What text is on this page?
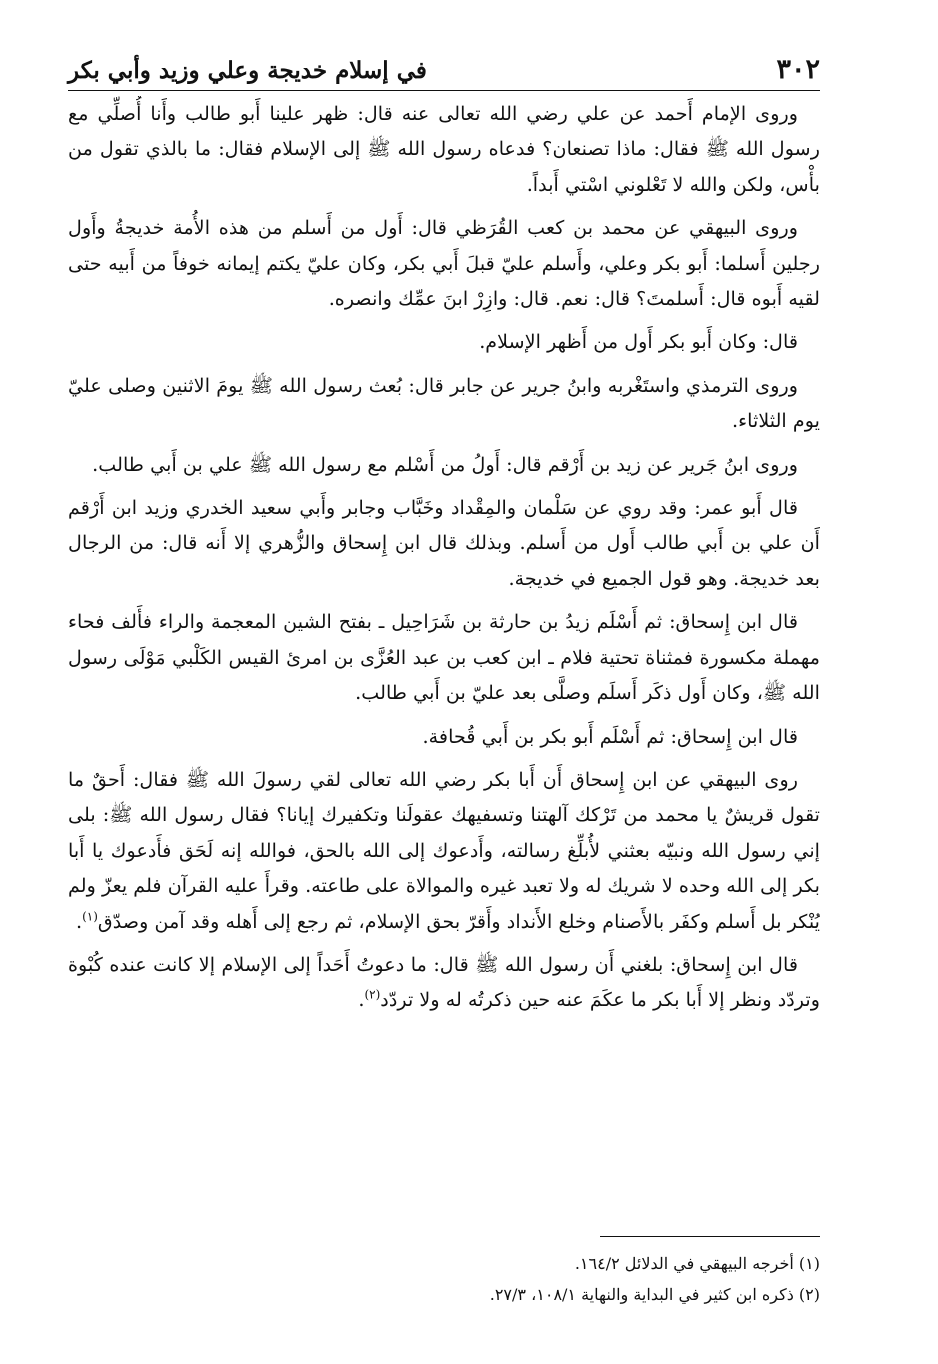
٣٠٢
في إسلام خديجة وعلي وزيد وأبي بكر

وروى الإمام أَحمد عن علي رضي الله تعالى عنه قال: ظهر علينا أَبو طالب وأَنا أُصلِّي مع رسول الله ﷺ فقال: ماذا تصنعان؟ فدعاه رسول الله ﷺ إلى الإسلام فقال: ما بالذي تقول من بأْس، ولكن والله لا تَعْلوني اسْتي أَبداً.

وروى البيهقي عن محمد بن كعب القُرَظي قال: أَول من أَسلم من هذه الأُمة خديجةُ وأَول رجلين أَسلما: أَبو بكر وعلي، وأَسلم عليّ قبلَ أَبي بكر، وكان عليّ يكتم إيمانه خوفاً من أَبيه حتى لقيه أَبوه قال: أَسلمتَ؟ قال: نعم. قال: وازِرْ ابنَ عمِّك وانصره.

قال: وكان أَبو بكر أَول من أَظهر الإسلام.

وروى الترمذي واستَغْربه وابنُ جرير عن جابر قال: بُعث رسول الله ﷺ يومَ الاثنين وصلى عليّ يوم الثلاثاء.

وروى ابنُ جَرير عن زيد بن أَرْقم قال: أَولُ من أَسْلم مع رسول الله ﷺ علي بن أَبي طالب.

قال أَبو عمر: وقد روي عن سَلْمان والمِقْداد وخَبَّاب وجابر وأَبي سعيد الخدري وزيد ابن أَرْقم أَن علي بن أَبي طالب أَول من أَسلم. وبذلك قال ابن إِسحاق والزُّهري إلا أَنه قال: من الرجال بعد خديجة. وهو قول الجميع في خديجة.

قال ابن إِسحاق: ثم أَسْلَم زيدُ بن حارثة بن شَرَاحِيل ـ بفتح الشين المعجمة والراء فأَلف فحاء مهملة مكسورة فمثناة تحتية فلام ـ ابن كعب بن عبد العُزَّى بن امرئ القيس الكَلْبي مَوْلَى رسول الله ﷺ، وكان أَول ذكَر أَسلَم وصلَّى بعد عليّ بن أَبي طالب.

قال ابن إِسحاق: ثم أَسْلَم أَبو بكر بن أَبي قُحافة.

روى البيهقي عن ابن إِسحاق أَن أَبا بكر رضي الله تعالى لقي رسولَ الله ﷺ فقال: أَحقٌ ما تقول قريشٌ يا محمد من تَرْكك آلهتنا وتسفيهك عقولَنا وتكفيرك إيانا؟ فقال رسول الله ﷺ: بلى إني رسول الله ونبيّه بعثني لأُبلِّغ رسالته، وأَدعوك إلى الله بالحق، فوالله إنه لَحَق فأَدعوك يا أَبا بكر إلى الله وحده لا شريك له ولا تعبد غيره والموالاة على طاعته. وقرأَ عليه القرآن فلم يعزّ ولم يُنْكر بل أَسلم وكفَر بالأَصنام وخلع الأَنداد وأَقرّ بحق الإسلام، ثم رجع إلى أَهله وقد آمن وصدّق$^{(١)}$.

قال ابن إِسحاق: بلغني أَن رسول الله ﷺ قال: ما دعوتُ أَحَداً إلى الإسلام إلا كانت عنده كُبْوة وتردّد ونظر إلا أَبا بكر ما عكَمَ عنه حين ذكرتُه له ولا تردّد$^{(٢)}$.

(١) أخرجه البيهقي في الدلائل ١٦٤/٢.

(٢) ذكره ابن كثير في البداية والنهاية ١٠٨/١، ٢٧/٣.
